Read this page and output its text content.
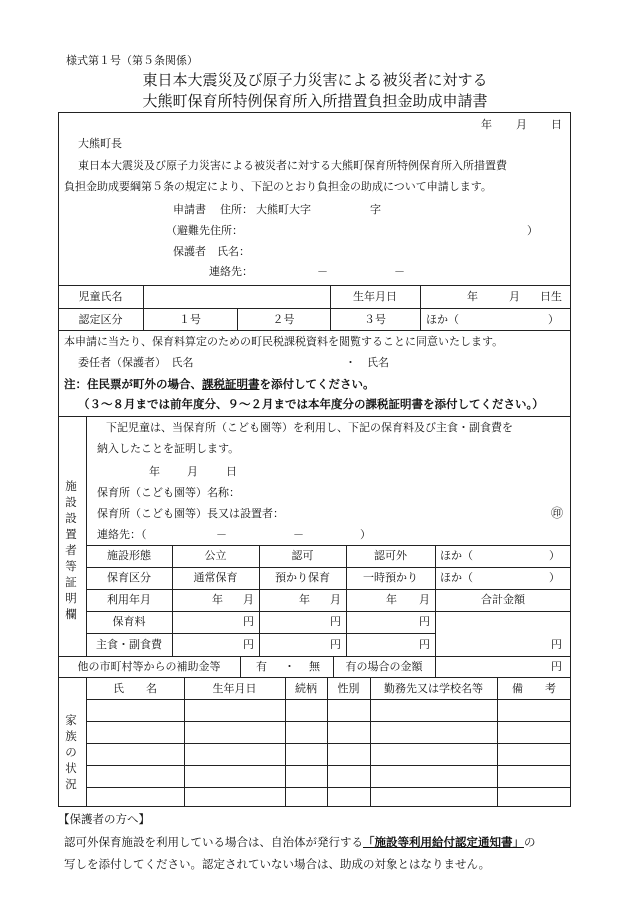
様式第１号（第５条関係）
東日本大震災及び原子力災害による被災者に対する
大熊町保育所特例保育所入所措置負担金助成申請書
年 月 日
大熊町長
東日本大震災及び原子力災害による被災者に対する大熊町保育所特例保育所入所措置費
負担金助成要綱第５条の規定により、下記のとおり負担金の助成について申請します。
申請書 住所： 大熊町大字	字
（避難先住所：	）
保護者　氏名：
連絡先：	－	－
児童氏名	生年月日	年	月 日生
認定区分	１号	２号	３号	ほか（	）
本申請に当たり、保育料算定のための町民税課税資料を閲覧することに同意いたします。
委任者（保護者）　氏名	・　氏名
注：住民票が町外の場合、課税証明書を添付してください。
（３～８月までは前年度分、９～２月までは本年度分の課税証明書を添付してください。）
施
設
設
置
者
等
証
明
欄
下記児童は、当保育所（こども園等）を利用し、下記の保育料及び主食・副食費を
納入したことを証明します。
年 月	日
保育所（こども園等）名称：
保育所（こども園等）長又は設置者：	㊞
連絡先：（	－	－	）
施設形態	公立	認可	認可外	ほか（	）
保育区分	通常保育	預かり保育	一時預かり	ほか（	）
利用年月	年 月	年 月	年 月	合計金額
保育料	円	円	円
主食・副食費	円	円	円	円
他の市町村等からの補助金等	有 ・ 無	有の場合の金額	円
家
族
の
状
況
氏　　名	生年月日	続柄	性別	勤務先又は学校名等	備　　考
【保護者の方へ】
認可外保育施設を利用している場合は、自治体が発行する「施設等利用給付認定通知書」の
写しを添付してください。認定されていない場合は、助成の対象とはなりません。
